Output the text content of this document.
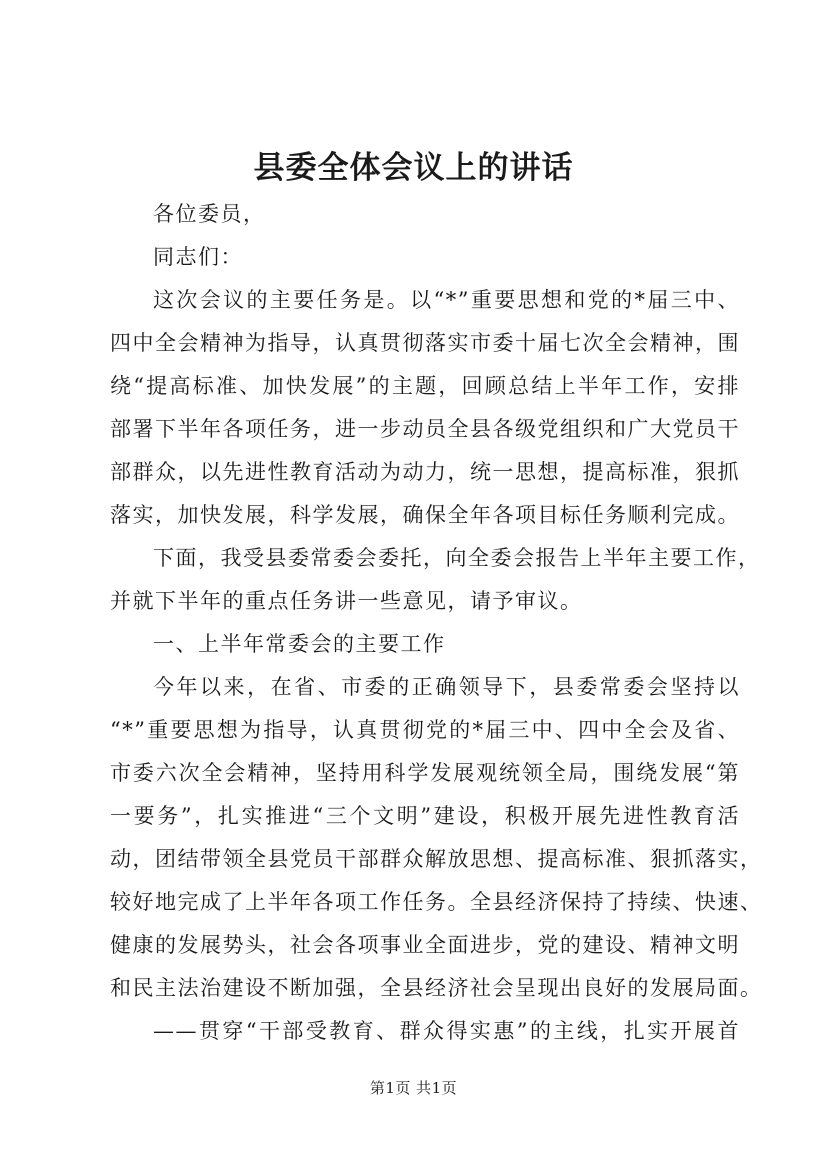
县委全体会议上的讲话
各位委员，
同志们：
这次会议的主要任务是。以“*”重要思想和党的*届三中、
四中全会精神为指导，认真贯彻落实市委十届七次全会精神，围
绕“提高标准、加快发展”的主题，回顾总结上半年工作，安排
部署下半年各项任务，进一步动员全县各级党组织和广大党员干
部群众，以先进性教育活动为动力，统一思想，提高标准，狠抓
落实，加快发展，科学发展，确保全年各项目标任务顺利完成。
下面，我受县委常委会委托，向全委会报告上半年主要工作，
并就下半年的重点任务讲一些意见，请予审议。
一、上半年常委会的主要工作
今年以来，在省、市委的正确领导下，县委常委会坚持以
“*”重要思想为指导，认真贯彻党的*届三中、四中全会及省、
市委六次全会精神，坚持用科学发展观统领全局，围绕发展“第
一要务”，扎实推进“三个文明”建设，积极开展先进性教育活
动，团结带领全县党员干部群众解放思想、提高标准、狠抓落实，
较好地完成了上半年各项工作任务。全县经济保持了持续、快速、
健康的发展势头，社会各项事业全面进步，党的建设、精神文明
和民主法治建设不断加强，全县经济社会呈现出良好的发展局面。
——贯穿“干部受教育、群众得实惠”的主线，扎实开展首
第1页 共1页
